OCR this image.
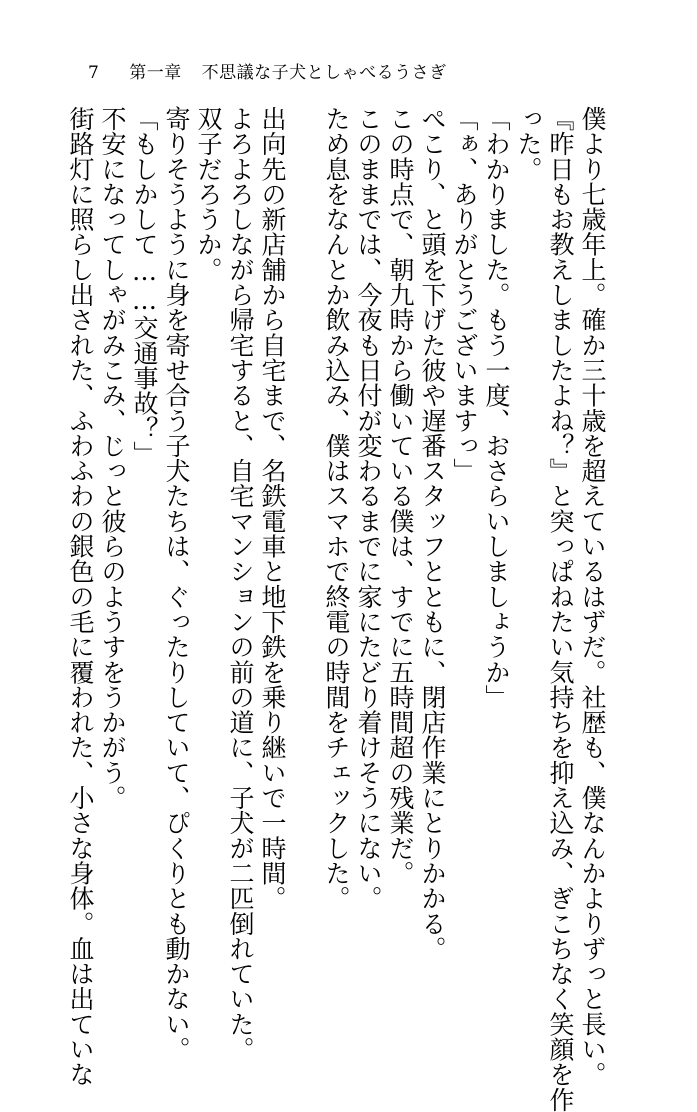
7 第一章 不思議な子犬としゃべるうさぎ
僕より七歳年上。確か三十歳を超えているはずだ。社歴も、僕なんかよりずっと長い。
『昨日もお教えしましたよね？』と突っぱねたい気持ちを抑え込み、ぎこちなく笑顔を作
った。
「わかりました。もう一度、おさらいしましょうか」
「ぁ、ありがとうございますっ」
ぺこり、と頭を下げた彼や遅番スタッフとともに、閉店作業にとりかかる。
この時点で、朝九時から働いている僕は、すでに五時間超の残業だ。
このままでは、今夜も日付が変わるまでに家にたどり着けそうにない。
ため息をなんとか飲み込み、僕はスマホで終電の時間をチェックした。
出向先の新店舗から自宅まで、名鉄電車と地下鉄を乗り継いで一時間。
よろよろしながら帰宅すると、自宅マンションの前の道に、子犬が二匹倒れていた。
双子だろうか。
寄りそうように身を寄せ合う子犬たちは、ぐったりしていて、ぴくりとも動かない。
「もしかして……交通事故？」
不安になってしゃがみこみ、じっと彼らのようすをうかがう。
街路灯に照らし出された、ふわふわの銀色の毛に覆われた、小さな身体。血は出ていな
